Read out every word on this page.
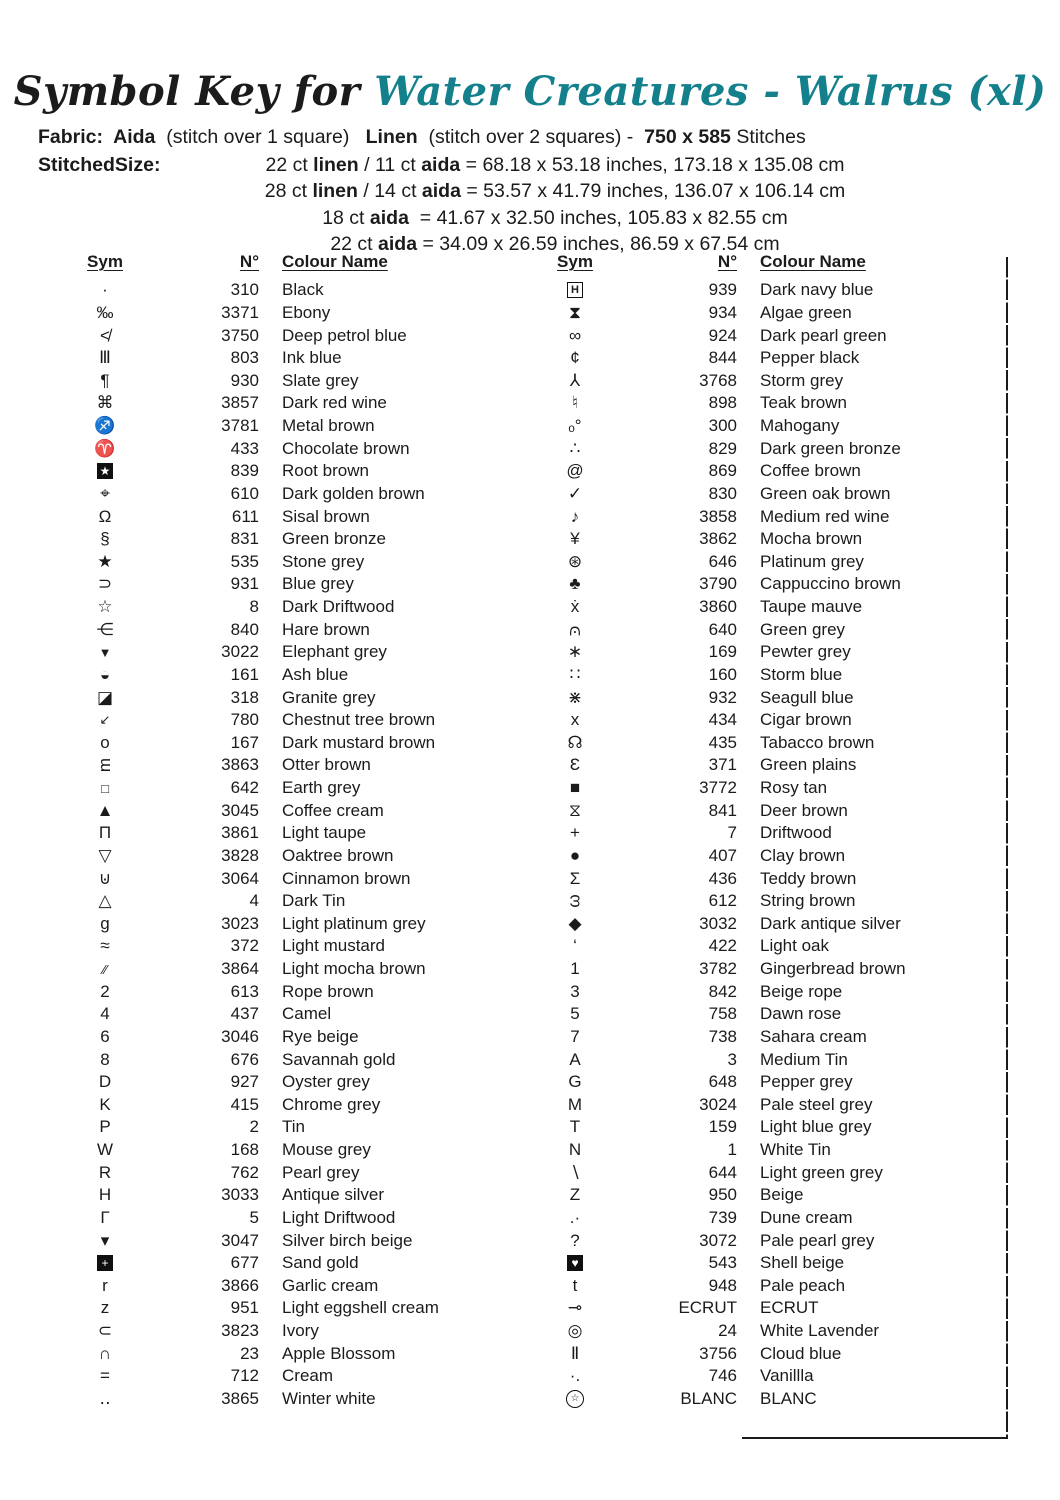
Symbol Key for Water Creatures - Walrus (xl)
Fabric:  Aida  (stitch over 1 square)   Linen  (stitch over 2 squares) -  750 x 585 Stitches
StitchedSize:	22 ct linen / 11 ct aida = 68.18 x 53.18 inches, 173.18 x 135.08 cm
28 ct linen / 14 ct aida = 53.57 x 41.79 inches, 136.07 x 106.14 cm
18 ct aida  = 41.67 x 32.50 inches, 105.83 x 82.55 cm
22 ct aida = 34.09 x 26.59 inches, 86.59 x 67.54 cm
Sym	N° Colour Name
·	310 Black
‰	3371 Ebony
≮	3750 Deep petrol blue
Ⅲ	803 Ink blue
¶	930 Slate grey
⌘	3857 Dark red wine
♐	3781 Metal brown
♈	433 Chocolate brown
★	839 Root brown
⌖	610 Dark golden brown
Ω	611 Sisal brown
§	831 Green bronze
★	535 Stone grey
⊃	931 Blue grey
☆	8 Dark Driftwood
⋲	840 Hare brown
▼	3022 Elephant grey
◒	161 Ash blue
◪	318 Granite grey
↙	780 Chestnut tree brown
o	167 Dark mustard brown
m	3863 Otter brown
□	642 Earth grey
▲	3045 Coffee cream
Π	3861 Light taupe
▽	3828 Oaktree brown
⊍	3064 Cinnamon brown
△	4 Dark Tin
g	3023 Light platinum grey
≈	372 Light mustard
∕∕	3864 Light mocha brown
2	613 Rope brown
4	437 Camel
6	3046 Rye beige
8	676 Savannah gold
D	927 Oyster grey
K	415 Chrome grey
P	2 Tin
W	168 Mouse grey
R	762 Pearl grey
H	3033 Antique silver
Γ	5 Light Driftwood
▾	3047 Silver birch beige
+	677 Sand gold
r	3866 Garlic cream
z	951 Light eggshell cream
⊂	3823 Ivory
∩	23 Apple Blossom
=	712 Cream
‥	3865 Winter white
Sym	N° Colour Name
H	939 Dark navy blue
⧗	934 Algae green
∞	924 Dark pearl green
¢	844 Pepper black
⅄	3768 Storm grey
♮	898 Teak brown
ₒ°	300 Mahogany
∴	829 Dark green bronze
@	869 Coffee brown
✓	830 Green oak brown
♪	3858 Medium red wine
¥	3862 Mocha brown
⊛	646 Platinum grey
♣	3790 Cappuccino brown
ẋ	3860 Taupe mauve
⩀	640 Green grey
∗	169 Pewter grey
∷	160 Storm blue
⋇	932 Seagull blue
x	434 Cigar brown
☊	435 Tabacco brown
Ɛ	371 Green plains
■	3772 Rosy tan
⧖	841 Deer brown
+	7 Driftwood
●	407 Clay brown
Σ	436 Teddy brown
ω	612 String brown
◆	3032 Dark antique silver
‘	422 Light oak
1	3782 Gingerbread brown
3	842 Beige rope
5	758 Dawn rose
7	738 Sahara cream
A	3 Medium Tin
G	648 Pepper grey
M	3024 Pale steel grey
T	159 Light blue grey
N	1 White Tin
∖	644 Light green grey
Z	950 Beige
.·	739 Dune cream
?	3072 Pale pearl grey
♥	543 Shell beige
t	948 Pale peach
⊸	ECRUT ECRUT
◎	24 White Lavender
Ⅱ	3756 Cloud blue
·.	746 Vanillla
☆	BLANC BLANC
